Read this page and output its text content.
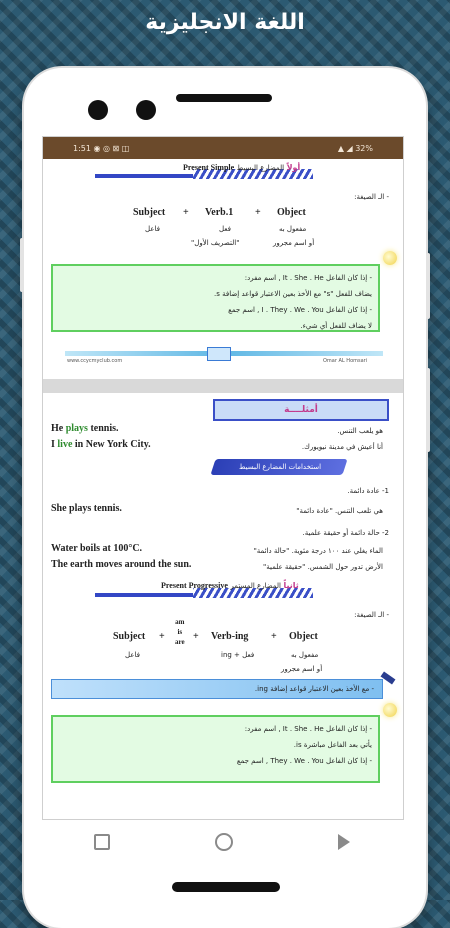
اللغة الانجليزية
1:51 ◉ ◎ ⊠ ◫	▲ ◢ 32%
أولاً المضارع البسيط Present Simple
- الـ الصيغة:
Subject + Verb.1 + Object
فاعل	فعل
"التصريف الأول"
مفعول به
أو اسم مجرور
- إذا كان الفاعل It . She . He , اسم مفرد:
يضاف للفعل "s" مع الأخذ بعين الاعتبار قواعد إضافة s.
- إذا كان الفاعل I . They . We . You , اسم جمع
لا يضاف للفعل أي شيء.
www.ccycmyclub.com	Omar AL Homsari
أمثلــــة
He plays tennis.	هو يلعب التنس.
I live in New York City.	أنا أعيش في مدينة نيويورك.
استخدامات المضارع البسيط
1- عادة دائمة.
She plays tennis.	هي تلعب التنس. "عادة دائمة"
2- حالة دائمة أو حقيقة علمية.
Water boils at 100°C.	الماء يغلي عند ١٠٠ درجة مئوية. "حالة دائمة"
The earth moves around the sun.	الأرض تدور حول الشمس. "حقيقة علمية"
ثانياً المضارع المستمر Present Progressive
- الـ الصيغة:
Subject +
am
is
are + Verb-ing + Object
فاعل	فعل + ing	مفعول به
أو اسم مجرور
- مع الأخذ بعين الاعتبار قواعد إضافة ing.
- إذا كان الفاعل It . She . He , اسم مفرد:
يأتي بعد الفاعل مباشرة is.
- إذا كان الفاعل They . We . You , اسم جمع
